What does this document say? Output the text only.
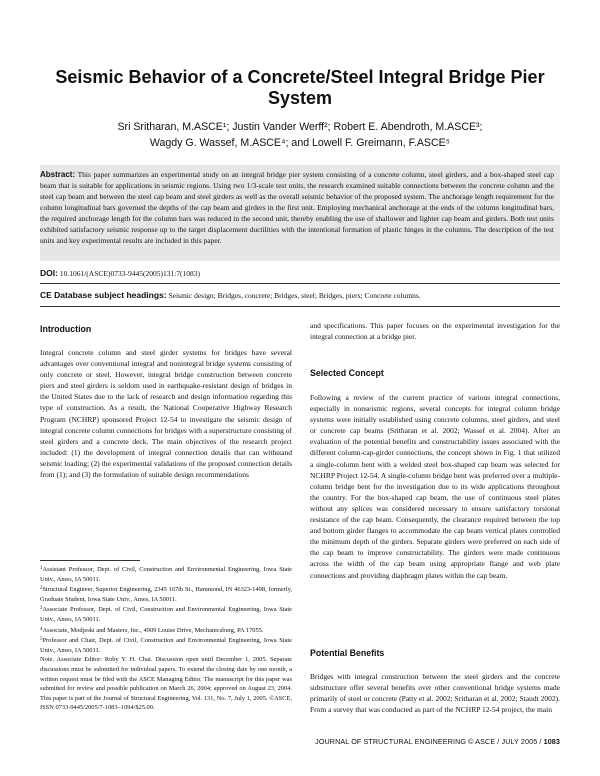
Seismic Behavior of a Concrete/Steel Integral Bridge Pier System
Sri Sritharan, M.ASCE¹; Justin Vander Werff²; Robert E. Abendroth, M.ASCE³;
Wagdy G. Wassef, M.ASCE⁴; and Lowell F. Greimann, F.ASCE⁵

Abstract: This paper summarizes an experimental study on an integral bridge pier system consisting of a concrete column, steel girders, and a box-shaped steel cap beam that is suitable for applications in seismic regions. Using two 1/3-scale test units, the research examined suitable connections between the concrete column and the steel cap beam and between the steel cap beam and steel girders as well as the overall seismic behavior of the proposed system. The anchorage length requirement for the column longitudinal bars governed the depths of the cap beam and girders in the first unit. Employing mechanical anchorage at the ends of the column longitudinal bars, the required anchorage length for the column bars was reduced in the second unit, thereby enabling the use of shallower and lighter cap beam and girders. Both test units exhibited satisfactory seismic response up to the target displacement ductilities with the intentional formation of plastic hinges in the columns. The description of the test units and key experimental results are included in this paper.

DOI: 10.1061/(ASCE)0733-9445(2005)131:7(1083)
CE Database subject headings: Seismic design; Bridges, concrete; Bridges, steel; Bridges, piers; Concrete columns.
Introduction

Integral concrete column and steel girder systems for bridges have several advantages over conventional integral and nonintegral bridge systems consisting of only concrete or steel. However, integral bridge construction between concrete piers and steel girders is seldom used in earthquake-resistant design of bridges in the United States due to the lack of research and design information regarding this type of construction. As a result, the National Cooperative Highway Research Program (NCHRP) sponsored Project 12-54 to investigate the seismic design of integral concrete column connections for bridges with a superstructure consisting of steel girders and a concrete deck. The main objectives of the research project included: (1) the development of integral connection details that can withstand seismic loading; (2) the experimental validations of the proposed connection details from (1); and (3) the formulation of suitable design recommendations

$^1$Assistant Professor, Dept. of Civil, Construction and Environmental Engineering, Iowa State Univ., Ames, IA 50011.

$^2$Structural Engineer, Superior Engineering, 2345 167th St., Hammond, IN 46323-1498, formerly, Graduate Student, Iowa State Univ., Ames, IA 50011.

$^3$Associate Professor, Dept. of Civil, Construction and Environmental Engineering, Iowa State Univ., Ames, IA 50011.

$^4$Associate, Modjeski and Masters, Inc., 4909 Louise Drive, Mechanicsburg, PA 17055.

$^5$Professor and Chair, Dept. of Civil, Construction and Environmental Engineering, Iowa State Univ., Ames, IA 50011.

Note. Associate Editor: Roby Y. H. Chai. Discussion open until December 1, 2005. Separate discussions must be submitted for individual papers. To extend the closing date by one month, a written request must be filed with the ASCE Managing Editor. The manuscript for this paper was submitted for review and possible publication on March 26, 2004; approved on August 23, 2004. This paper is part of the Journal of Structural Engineering, Vol. 131, No. 7, July 1, 2005. ©ASCE, ISSN 0733-9445/2005/7-1083–1094/$25.00.

and specifications. This paper focuses on the experimental investigation for the integral connection at a bridge pier.

Selected Concept

Following a review of the current practice of various integral connections, especially in nonseismic regions, several concepts for integral column bridge systems were initially established using concrete columns, steel girders, and steel or concrete cap beams (Sritharan et al. 2002; Wassef et al. 2004). After an evaluation of the potential benefits and constructability issues associated with the different column-cap-girder connections, the concept shown in Fig. 1 that utilized a single-column bent with a welded steel box-shaped cap beam was selected for NCHRP Project 12-54. A single-column bridge bent was preferred over a multiple-column bridge bent for the investigation due to its wide applications throughout the country. For the box-shaped cap beam, the use of continuous steel plates without any splices was considered necessary to ensure satisfactory torsional resistance of the cap beam. Consequently, the clearance required between the top and bottom girder flanges to accommodate the cap beam vertical plates controlled the minimum depth of the girders. Separate girders were preferred on each side of the cap beam to improve constructability. The girders were made continuous across the width of the cap beam using appropriate flange and web plate connections and providing diaphragm plates within the cap beam.

Potential Benefits

Bridges with integral construction between the steel girders and the concrete substructure offer several benefits over other conventional bridge systems made primarily of steel or concrete (Patty et al. 2002; Sritharan et al. 2002; Staudt 2002). From a survey that was conducted as part of the NCHRP 12-54 project, the main

JOURNAL OF STRUCTURAL ENGINEERING © ASCE / JULY 2005 / 1083
